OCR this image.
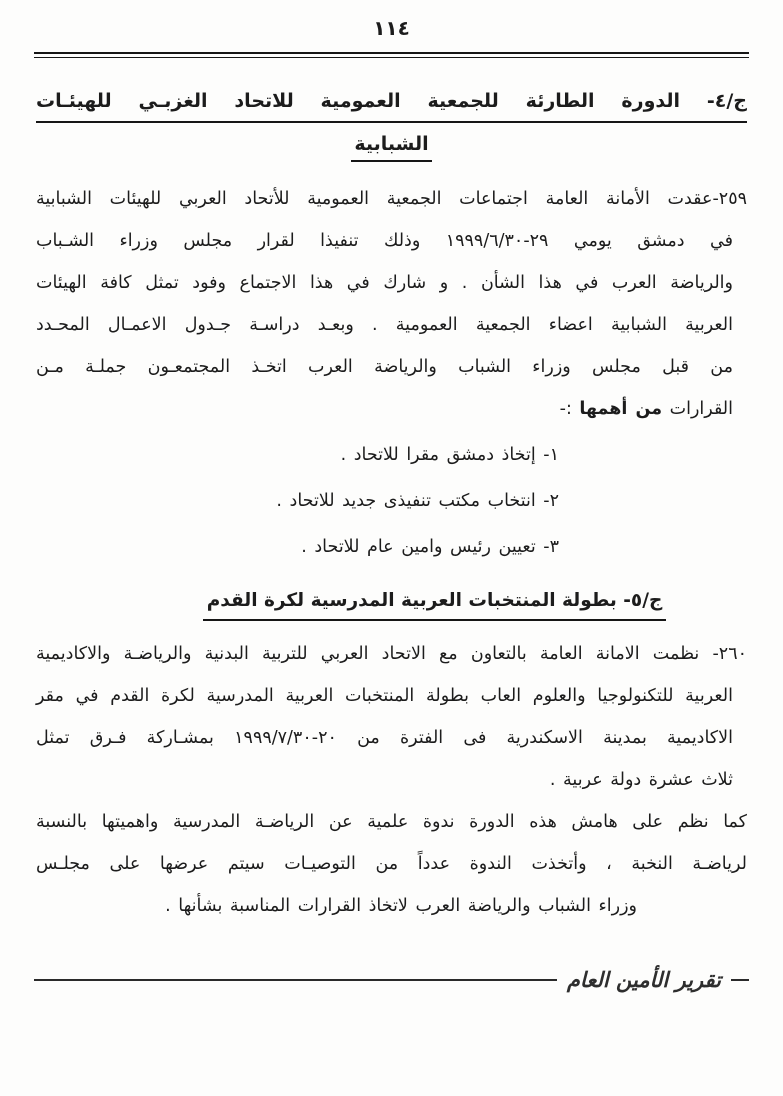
١١٤
ج/٤- الدورة الطارئة للجمعية العمومية للاتحاد الغزبـي للهيئـات
الشبابية
٢٥٩-عقدت الأمانة العامة اجتماعات الجمعية العمومية للأتحاد العربي للهيئات الشبابية
في دمشق يومي ٢٩-١٩٩٩/٦/٣٠ وذلك تنفيذا لقرار مجلس وزراء الشـباب
والرياضة العرب في هذا الشأن . و شارك في هذا الاجتماع وفود تمثل كافة الهيئات
العربية الشبابية اعضاء الجمعية العمومية . وبعـد دراسـة جـدول الاعمـال المحـدد
من قبل مجلس وزراء الشباب والرياضة العرب اتخـذ المجتمعـون جملـة مـن
القرارات من أهمها :-
١- إتخاذ دمشق مقرا للاتحاد .
٢- انتخاب مكتب تنفيذى جديد للاتحاد .
٣- تعيين رئيس وامين عام للاتحاد .
ج/٥- بطولة المنتخبات العربية المدرسية لكرة القدم
٢٦٠- نظمت الامانة العامة بالتعاون مع الاتحاد العربي للتربية البدنية والرياضـة والاكاديمية
العربية للتكنولوجيا والعلوم العاب بطولة المنتخبات العربية المدرسية لكرة القدم في مقر
الاكاديمية بمدينة الاسكندرية فى الفترة من ٢٠-١٩٩٩/٧/٣٠ بمشـاركة فـرق تمثل
ثلاث عشرة دولة عربية .
كما نظم على هامش هذه الدورة ندوة علمية عن الرياضـة المدرسية واهميتها بالنسبة
لرياضـة النخبة ، وأتخذت الندوة عدداً من التوصيـات سيتم عرضها على مجلـس
وزراء الشباب والرياضة العرب لاتخاذ القرارات المناسبة بشأنها .
تقرير الأمين العام
